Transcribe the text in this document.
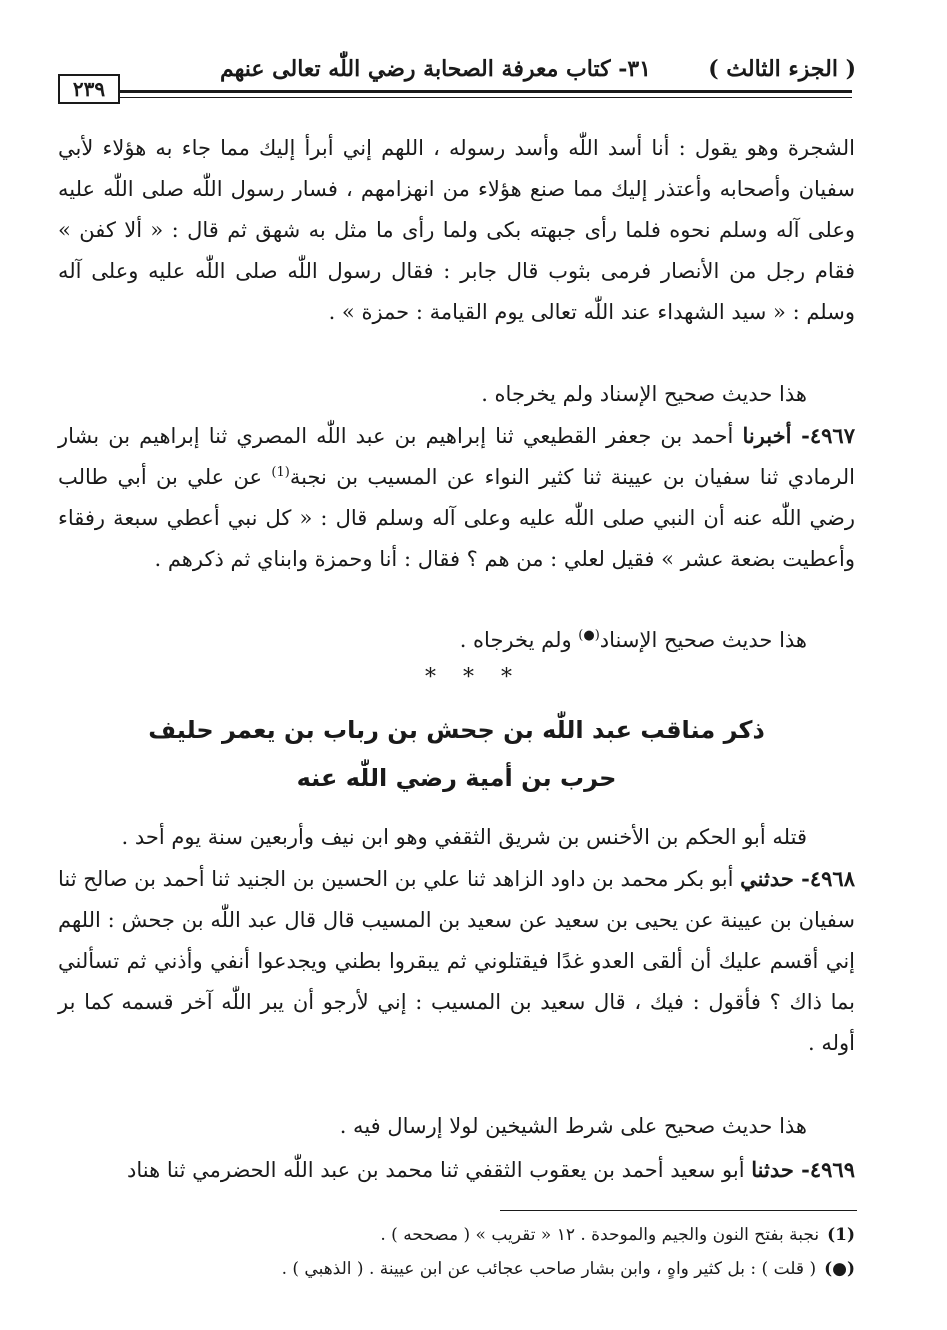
( الجزء الثالث )
٣١- كتاب معرفة الصحابة رضي اللّٰه تعالى عنهم
٢٣٩

الشجرة وهو يقول : أنا أسد اللّٰه وأسد رسوله ، اللهم إني أبرأ إليك مما جاء به هؤلاء لأبي سفيان وأصحابه وأعتذر إليك مما صنع هؤلاء من انهزامهم ، فسار رسول اللّٰه صلى اللّٰه عليه وعلى آله وسلم نحوه فلما رأى جبهته بكى ولما رأى ما مثل به شهق ثم قال : « ألا كفن » فقام رجل من الأنصار فرمى بثوب قال جابر : فقال رسول اللّٰه صلى اللّٰه عليه وعلى آله وسلم : « سيد الشهداء عند اللّٰه تعالى يوم القيامة : حمزة » .

هذا حديث صحيح الإسناد ولم يخرجاه .

٤٩٦٧- أخبرنا أحمد بن جعفر القطيعي ثنا إبراهيم بن عبد اللّٰه المصري ثنا إبراهيم بن بشار الرمادي ثنا سفيان بن عيينة ثنا كثير النواء عن المسيب بن نجبة$^{(1)}$ عن علي بن أبي طالب رضي اللّٰه عنه أن النبي صلى اللّٰه عليه وعلى آله وسلم قال : « كل نبي أعطي سبعة رفقاء وأعطيت بضعة عشر » فقيل لعلي : من هم ؟ فقال : أنا وحمزة وابناي ثم ذكرهم .

هذا حديث صحيح الإسناد(●) ولم يخرجاه .

* * *

ذكر مناقب عبد اللّٰه بن جحش بن رباب بن يعمر حليف

حرب بن أمية رضي اللّٰه عنه

قتله أبو الحكم بن الأخنس بن شريق الثقفي وهو ابن نيف وأربعين سنة يوم أحد .

٤٩٦٨- حدثني أبو بكر محمد بن داود الزاهد ثنا علي بن الحسين بن الجنيد ثنا أحمد بن صالح ثنا سفيان بن عيينة عن يحيى بن سعيد عن سعيد بن المسيب قال قال عبد اللّٰه بن جحش : اللهم إني أقسم عليك أن ألقى العدو غدًا فيقتلوني ثم يبقروا بطني ويجدعوا أنفي وأذني ثم تسألني بما ذاك ؟ فأقول : فيك ، قال سعيد بن المسيب : إني لأرجو أن يبر اللّٰه آخر قسمه كما بر أوله .

هذا حديث صحيح على شرط الشيخين لولا إرسال فيه .

٤٩٦٩- حدثنا أبو سعيد أحمد بن يعقوب الثقفي ثنا محمد بن عبد اللّٰه الحضرمي ثنا هناد

(1)نجبة بفتح النون والجيم والموحدة . ١٢ « تقريب » ( مصححه ) .

(●)( قلت ) : بل كثير واهٍ ، وابن بشار صاحب عجائب عن ابن عيينة . ( الذهبي ) .
